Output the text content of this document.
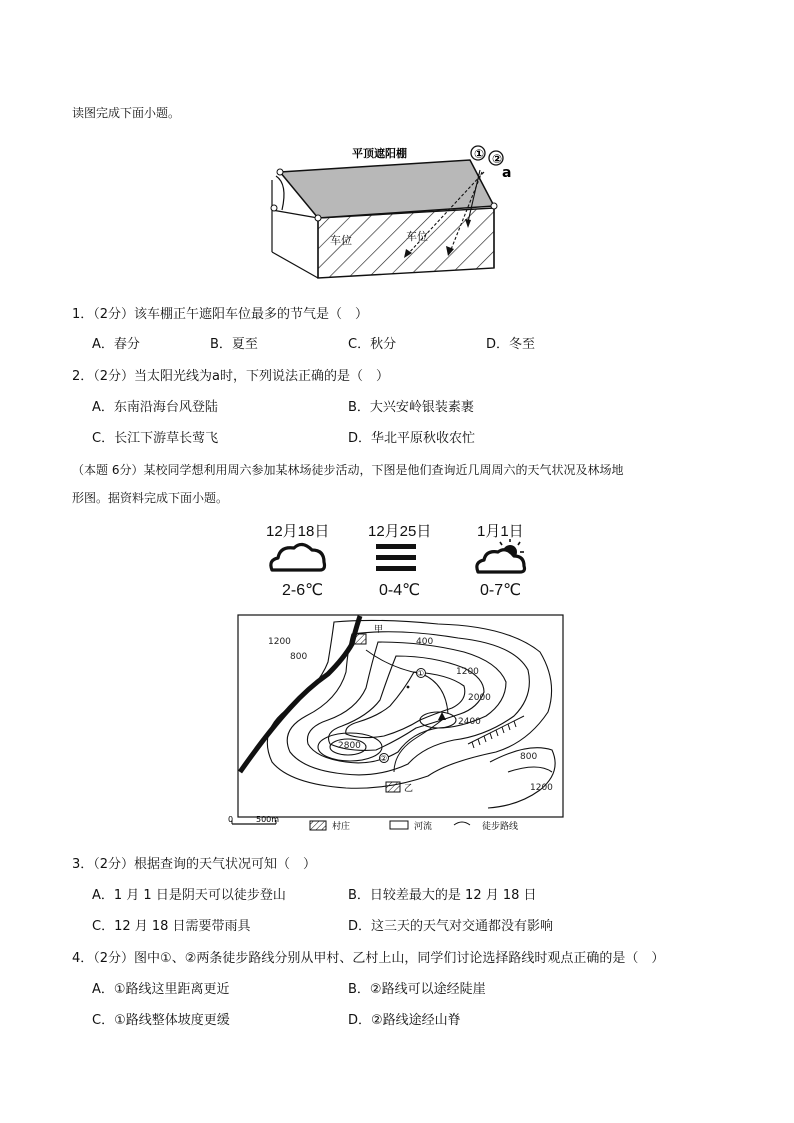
读图完成下面小题。
平顶遮阳棚	① ②
a
车位	车位
1．（2分）该车棚正午遮阳车位最多的节气是（　）
A．春分	B．夏至	C．秋分	D．冬至
2．（2分）当太阳光线为a时，下列说法正确的是（　）
A．东南沿海台风登陆	B．大兴安岭银装素裹
C．长江下游草长莺飞	D．华北平原秋收农忙
（本题 6分）某校同学想利用周六参加某林场徒步活动，下图是他们查询近几周周六的天气状况及林场地
形图。据资料完成下面小题。
12月18日	12月25日	1月1日
2-6℃	0-4℃	0-7℃
甲
乙
①
②
1200
800
400
1200
2000
2400
2800
800
1200
0	500m
村庄	河流	徒步路线
3．（2分）根据查询的天气状况可知（　）
A．1 月 1 日是阴天可以徒步登山	B．日较差最大的是 12 月 18 日
C．12 月 18 日需要带雨具	D．这三天的天气对交通都没有影响
4．（2分）图中①、②两条徒步路线分别从甲村、乙村上山，同学们讨论选择路线时观点正确的是（　）
A．①路线这里距离更近	B．②路线可以途经陡崖
C．①路线整体坡度更缓	D．②路线途经山脊
